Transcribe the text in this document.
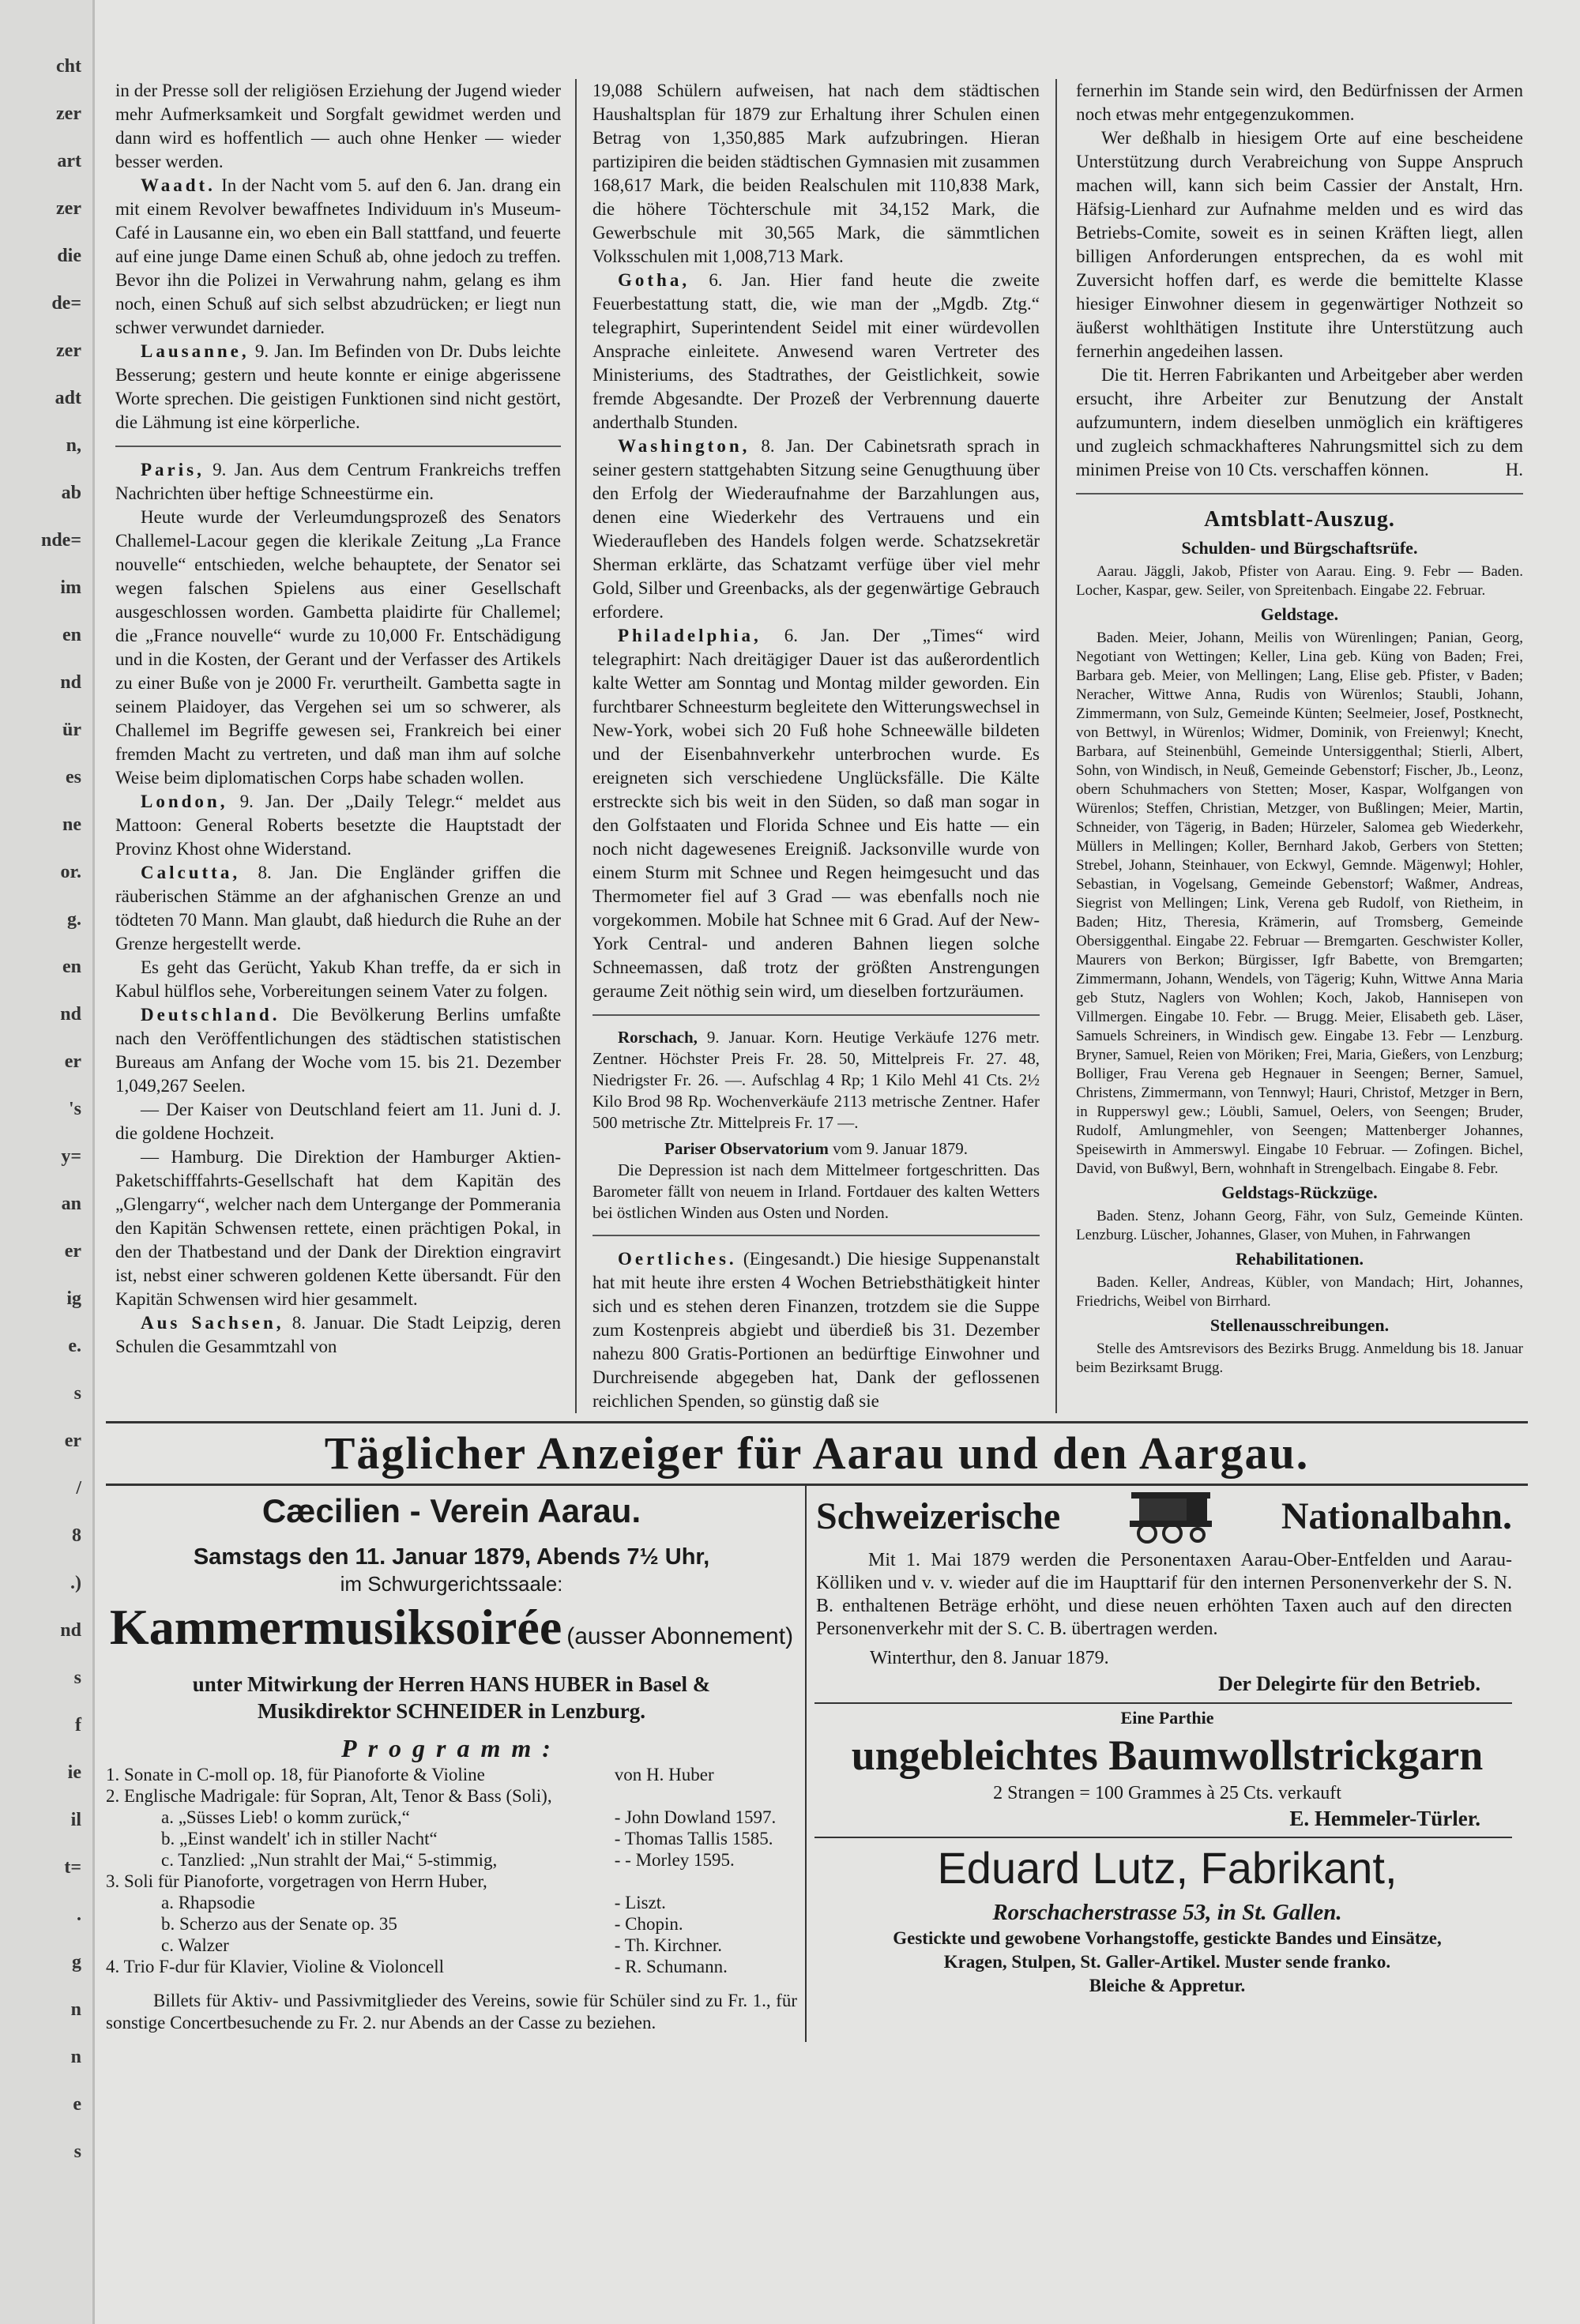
cht
zer
art
zer
die
de=
zer
adt
n,
ab
nde=
im
en
nd
ür
es
ne
or.
g.
en
nd
er
's
y=
an
er
ig
e.
s
er
/
8
.)
nd
s
f
ie
il
t=
.
g
n
n
e
s

in der Presse soll der religiösen Erziehung der Jugend wieder mehr Aufmerksamkeit und Sorgfalt gewidmet werden und dann wird es hoffentlich — auch ohne Henker — wieder besser werden.

Waadt. In der Nacht vom 5. auf den 6. Jan. drang ein mit einem Revolver bewaffnetes Individuum in's Museum-Café in Lausanne ein, wo eben ein Ball stattfand, und feuerte auf eine junge Dame einen Schuß ab, ohne jedoch zu treffen. Bevor ihn die Polizei in Verwahrung nahm, gelang es ihm noch, einen Schuß auf sich selbst abzudrücken; er liegt nun schwer verwundet darnieder.

Lausanne, 9. Jan. Im Befinden von Dr. Dubs leichte Besserung; gestern und heute konnte er einige abgerissene Worte sprechen. Die geistigen Funktionen sind nicht gestört, die Lähmung ist eine körperliche.

Paris, 9. Jan. Aus dem Centrum Frankreichs treffen Nachrichten über heftige Schneestürme ein.

Heute wurde der Verleumdungsprozeß des Senators Challemel-Lacour gegen die klerikale Zeitung „La France nouvelle“ entschieden, welche behauptete, der Senator sei wegen falschen Spielens aus einer Gesellschaft ausgeschlossen worden. Gambetta plaidirte für Challemel; die „France nouvelle“ wurde zu 10,000 Fr. Entschädigung und in die Kosten, der Gerant und der Verfasser des Artikels zu einer Buße von je 2000 Fr. verurtheilt. Gambetta sagte in seinem Plaidoyer, das Vergehen sei um so schwerer, als Challemel im Begriffe gewesen sei, Frankreich bei einer fremden Macht zu vertreten, und daß man ihm auf solche Weise beim diplomatischen Corps habe schaden wollen.

London, 9. Jan. Der „Daily Telegr.“ meldet aus Mattoon: General Roberts besetzte die Hauptstadt der Provinz Khost ohne Widerstand.

Calcutta, 8. Jan. Die Engländer griffen die räuberischen Stämme an der afghanischen Grenze an und tödteten 70 Mann. Man glaubt, daß hiedurch die Ruhe an der Grenze hergestellt werde.

Es geht das Gerücht, Yakub Khan treffe, da er sich in Kabul hülflos sehe, Vorbereitungen seinem Vater zu folgen.

Deutschland. Die Bevölkerung Berlins umfaßte nach den Veröffentlichungen des städtischen statistischen Bureaus am Anfang der Woche vom 15. bis 21. Dezember 1,049,267 Seelen.

— Der Kaiser von Deutschland feiert am 11. Juni d. J. die goldene Hochzeit.

— Hamburg. Die Direktion der Hamburger Aktien-Paketschifffahrts-Gesellschaft hat dem Kapitän des „Glengarry“, welcher nach dem Untergange der Pommerania den Kapitän Schwensen rettete, einen prächtigen Pokal, in den der Thatbestand und der Dank der Direktion eingravirt ist, nebst einer schweren goldenen Kette übersandt. Für den Kapitän Schwensen wird hier gesammelt.

Aus Sachsen, 8. Januar. Die Stadt Leipzig, deren Schulen die Gesammtzahl von

19,088 Schülern aufweisen, hat nach dem städtischen Haushaltsplan für 1879 zur Erhaltung ihrer Schulen einen Betrag von 1,350,885 Mark aufzubringen. Hieran partizipiren die beiden städtischen Gymnasien mit zusammen 168,617 Mark, die beiden Realschulen mit 110,838 Mark, die höhere Töchterschule mit 34,152 Mark, die Gewerbschule mit 30,565 Mark, die sämmtlichen Volksschulen mit 1,008,713 Mark.

Gotha, 6. Jan. Hier fand heute die zweite Feuerbestattung statt, die, wie man der „Mgdb. Ztg.“ telegraphirt, Superintendent Seidel mit einer würdevollen Ansprache einleitete. Anwesend waren Vertreter des Ministeriums, des Stadtrathes, der Geistlichkeit, sowie fremde Abgesandte. Der Prozeß der Verbrennung dauerte anderthalb Stunden.

Washington, 8. Jan. Der Cabinetsrath sprach in seiner gestern stattgehabten Sitzung seine Genugthuung über den Erfolg der Wiederaufnahme der Barzahlungen aus, denen eine Wiederkehr des Vertrauens und ein Wiederaufleben des Handels folgen werde. Schatzsekretär Sherman erklärte, das Schatzamt verfüge über viel mehr Gold, Silber und Greenbacks, als der gegenwärtige Gebrauch erfordere.

Philadelphia, 6. Jan. Der „Times“ wird telegraphirt: Nach dreitägiger Dauer ist das außerordentlich kalte Wetter am Sonntag und Montag milder geworden. Ein furchtbarer Schneesturm begleitete den Witterungswechsel in New-York, wobei sich 20 Fuß hohe Schneewälle bildeten und der Eisenbahnverkehr unterbrochen wurde. Es ereigneten sich verschiedene Unglücksfälle. Die Kälte erstreckte sich bis weit in den Süden, so daß man sogar in den Golfstaaten und Florida Schnee und Eis hatte — ein noch nicht dagewesenes Ereigniß. Jacksonville wurde von einem Sturm mit Schnee und Regen heimgesucht und das Thermometer fiel auf 3 Grad — was ebenfalls noch nie vorgekommen. Mobile hat Schnee mit 6 Grad. Auf der New-York Central- und anderen Bahnen liegen solche Schneemassen, daß trotz der größten Anstrengungen geraume Zeit nöthig sein wird, um dieselben fortzuräumen.

Rorschach, 9. Januar. Korn. Heutige Verkäufe 1276 metr. Zentner. Höchster Preis Fr. 28. 50, Mittelpreis Fr. 27. 48, Niedrigster Fr. 26. —. Aufschlag 4 Rp; 1 Kilo Mehl 41 Cts. 2½ Kilo Brod 98 Rp. Wochenverkäufe 2113 metrische Zentner. Hafer 500 metrische Ztr. Mittelpreis Fr. 17 —.

Pariser Observatorium vom 9. Januar 1879.

Die Depression ist nach dem Mittelmeer fortgeschritten. Das Barometer fällt von neuem in Irland. Fortdauer des kalten Wetters bei östlichen Winden aus Osten und Norden.

Oertliches. (Eingesandt.) Die hiesige Suppenanstalt hat mit heute ihre ersten 4 Wochen Betriebsthätigkeit hinter sich und es stehen deren Finanzen, trotzdem sie die Suppe zum Kostenpreis abgiebt und überdieß bis 31. Dezember nahezu 800 Gratis-Portionen an bedürftige Einwohner und Durchreisende abgegeben hat, Dank der geflossenen reichlichen Spenden, so günstig daß sie

fernerhin im Stande sein wird, den Bedürfnissen der Armen noch etwas mehr entgegenzukommen.

Wer deßhalb in hiesigem Orte auf eine bescheidene Unterstützung durch Verabreichung von Suppe Anspruch machen will, kann sich beim Cassier der Anstalt, Hrn. Häfsig-Lienhard zur Aufnahme melden und es wird das Betriebs-Comite, soweit es in seinen Kräften liegt, allen billigen Anforderungen entsprechen, da es wohl mit Zuversicht hoffen darf, es werde die bemittelte Klasse hiesiger Einwohner diesem in gegenwärtiger Nothzeit so äußerst wohlthätigen Institute ihre Unterstützung auch fernerhin angedeihen lassen.

Die tit. Herren Fabrikanten und Arbeitgeber aber werden ersucht, ihre Arbeiter zur Benutzung der Anstalt aufzumuntern, indem dieselben unmöglich ein kräftigeres und zugleich schmackhafteres Nahrungsmittel sich zu dem minimen Preise von 10 Cts. verschaffen können.	H.

Amtsblatt-Auszug.
Schulden- und Bürgschaftsrüfe.

Aarau. Jäggli, Jakob, Pfister von Aarau. Eing. 9. Febr — Baden. Locher, Kaspar, gew. Seiler, von Spreitenbach. Eingabe 22. Februar.

Geldstage.

Baden. Meier, Johann, Meilis von Würenlingen; Panian, Georg, Negotiant von Wettingen; Keller, Lina geb. Küng von Baden; Frei, Barbara geb. Meier, von Mellingen; Lang, Elise geb. Pfister, v Baden; Neracher, Wittwe Anna, Rudis von Würenlos; Staubli, Johann, Zimmermann, von Sulz, Gemeinde Künten; Seelmeier, Josef, Postknecht, von Bettwyl, in Würenlos; Widmer, Dominik, von Freienwyl; Knecht, Barbara, auf Steinenbühl, Gemeinde Untersiggenthal; Stierli, Albert, Sohn, von Windisch, in Neuß, Gemeinde Gebenstorf; Fischer, Jb., Leonz, obern Schuhmachers von Stetten; Moser, Kaspar, Wolfgangen von Würenlos; Steffen, Christian, Metzger, von Bußlingen; Meier, Martin, Schneider, von Tägerig, in Baden; Hürzeler, Salomea geb Wiederkehr, Müllers in Mellingen; Koller, Bernhard Jakob, Gerbers von Stetten; Strebel, Johann, Steinhauer, von Eckwyl, Gemnde. Mägenwyl; Hohler, Sebastian, in Vogelsang, Gemeinde Gebenstorf; Waßmer, Andreas, Siegrist von Mellingen; Link, Verena geb Rudolf, von Rietheim, in Baden; Hitz, Theresia, Krämerin, auf Tromsberg, Gemeinde Obersiggenthal. Eingabe 22. Februar — Bremgarten. Geschwister Koller, Maurers von Berkon; Bürgisser, Igfr Babette, von Bremgarten; Zimmermann, Johann, Wendels, von Tägerig; Kuhn, Wittwe Anna Maria geb Stutz, Naglers von Wohlen; Koch, Jakob, Hannisepen von Villmergen. Eingabe 10. Febr. — Brugg. Meier, Elisabeth geb. Läser, Samuels Schreiners, in Windisch gew. Eingabe 13. Febr — Lenzburg. Bryner, Samuel, Reien von Möriken; Frei, Maria, Gießers, von Lenzburg; Bolliger, Frau Verena geb Hegnauer in Seengen; Berner, Samuel, Christens, Zimmermann, von Tennwyl; Hauri, Christof, Metzger in Bern, in Rupperswyl gew.; Löubli, Samuel, Oelers, von Seengen; Bruder, Rudolf, Amlungmehler, von Seengen; Mattenberger Johannes, Speisewirth in Ammerswyl. Eingabe 10 Februar. — Zofingen. Bichel, David, von Bußwyl, Bern, wohnhaft in Strengelbach. Eingabe 8. Febr.

Geldstags-Rückzüge.

Baden. Stenz, Johann Georg, Fähr, von Sulz, Gemeinde Künten. Lenzburg. Lüscher, Johannes, Glaser, von Muhen, in Fahrwangen

Rehabilitationen.

Baden. Keller, Andreas, Kübler, von Mandach; Hirt, Johannes, Friedrichs, Weibel von Birrhard.

Stellenausschreibungen.

Stelle des Amtsrevisors des Bezirks Brugg. Anmeldung bis 18. Januar beim Bezirksamt Brugg.

Täglicher Anzeiger für Aarau und den Aargau.
Cæcilien - Verein Aarau.
Samstags den 11. Januar 1879, Abends 7½ Uhr,
im Schwurgerichtssaale:
Kammermusiksoirée (ausser Abonnement)
unter Mitwirkung der Herren HANS HUBER in Basel &
Musikdirektor SCHNEIDER in Lenzburg.
Programm:
1. Sonate in C-moll op. 18, für Pianoforte & Violine	von H. Huber
2. Englische Madrigale: für Sopran, Alt, Tenor & Bass (Soli),	
a. „Süsses Lieb! o komm zurück,“	- John Dowland 1597.
b. „Einst wandelt' ich in stiller Nacht“	- Thomas Tallis 1585.
c. Tanzlied: „Nun strahlt der Mai,“ 5-stimmig,	- - Morley 1595.
3. Soli für Pianoforte, vorgetragen von Herrn Huber,	
a. Rhapsodie	- Liszt.
b. Scherzo aus der Senate op. 35	- Chopin.
c. Walzer	- Th. Kirchner.
4. Trio F-dur für Klavier, Violine & Violoncell	- R. Schumann.
Billets für Aktiv- und Passivmitglieder des Vereins, sowie für Schüler sind zu Fr. 1., für sonstige Concertbesuchende zu Fr. 2. nur Abends an der Casse zu beziehen.
Schweizerische	Nationalbahn.
Mit 1. Mai 1879 werden die Personentaxen Aarau-Ober-Entfelden und Aarau-Kölliken und v. v. wieder auf die im Haupttarif für den internen Personenverkehr der S. N. B. enthaltenen Beträge erhöht, und diese neuen erhöhten Taxen auch auf den directen Personenverkehr mit der S. C. B. übertragen werden.
Winterthur, den 8. Januar 1879.
Der Delegirte für den Betrieb.
Eine Parthie
ungebleichtes Baumwollstrickgarn
2 Strangen = 100 Grammes à 25 Cts. verkauft
E. Hemmeler-Türler.
Eduard Lutz, Fabrikant,
Rorschacherstrasse 53, in St. Gallen.
Gestickte und gewobene Vorhangstoffe, gestickte Bandes und Einsätze,
Kragen, Stulpen, St. Galler-Artikel. Muster sende franko.
Bleiche & Appretur.
